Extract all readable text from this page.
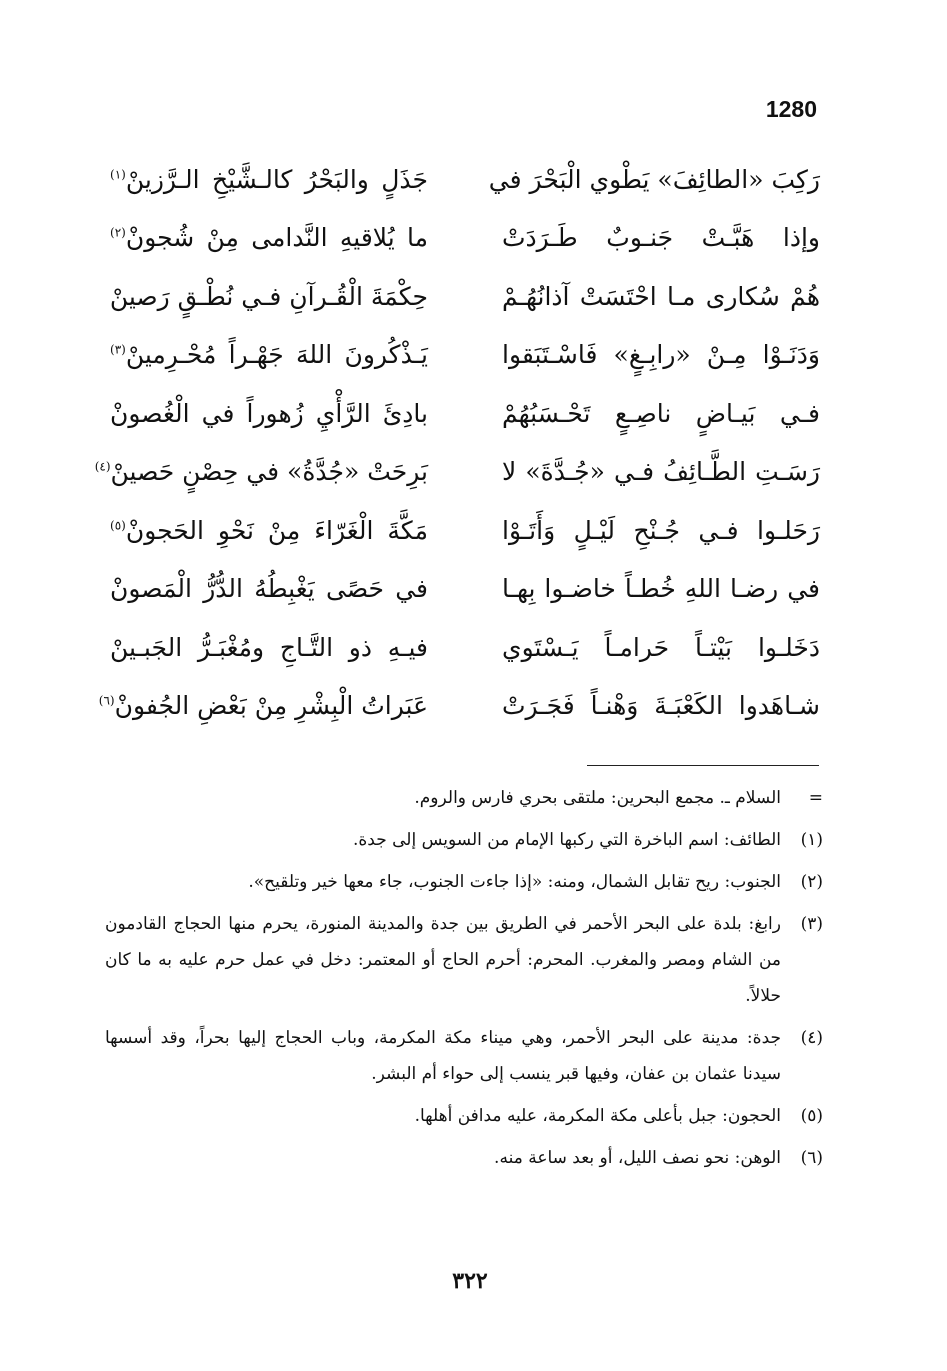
1280
رَكِبَ «الطائِفَ» يَطْوي الْبَحْرَ في
جَذَلٍ والبَحْرُ كالـشَّيْخِ الـرَّزينْ$^{(١)}$
وإذا هَبَّـتْ جَنـوبٌ طَـرَدَتْ
ما يُلاقيهِ النَّدامى مِنْ شُجونْ$^{(٢)}$
هُمْ سُكارى مـا احْتَسَتْ آذانُهُـمْ
حِكْمَةَ الْقُـرآنِ فـي نُطْـقٍ رَصينْ
وَدَنَـوْا مِـنْ «رابِـغٍ» فَاسْـتَبَقوا
يَـذْكُرونَ اللهَ جَهْـراً مُحْـرِمينْ$^{(٣)}$
فـي بَيـاضٍ ناصِـعٍ تَحْـسَبُهُمْ
بادِئَ الرَّأْيِ زُهوراً في الْغُصونْ
رَسَـتِ الطَّـائِفُ فـي «جُـدَّةَ» لا
بَرِحَتْ «جُدَّةُ» في حِصْنٍ حَصينْ$^{(٤)}$
رَحَلـوا فـي جُـنْحِ لَيْـلٍ وَأَتَـوْا
مَكَّةَ الْغَرّاءَ مِنْ نَحْوِ الحَجونْ$^{(٥)}$
في رضـا اللهِ خُطـاً خاضـوا بِهـا
في حَصًى يَغْبِطُهُ الدُّرُّ الْمَصونْ
دَخَلـوا بَيْتـاً حَرامـاً يَـسْتَوي
فيـهِ ذو التَّـاجِ ومُغْبَـرُّ الجَبـينْ
شـاهَدوا الكَعْبَـةَ وَهْنـاً فَجَـرَتْ
عَبَراتُ الْبِشْرِ مِنْ بَعْضِ الجُفونْ$^{(٦)}$
=
السلام ـ. مجمع البحرين: ملتقى بحري فارس والروم.
(١)
الطائف: اسم الباخرة التي ركبها الإمام من السويس إلى جدة.
(٢)
الجنوب: ريح تقابل الشمال، ومنه: «إذا جاءت الجنوب، جاء معها خير وتلقيح».
(٣)
رابغ: بلدة على البحر الأحمر في الطريق بين جدة والمدينة المنورة، يحرم منها الحجاج القادمون من الشام ومصر والمغرب. المحرم: أحرم الحاج أو المعتمر: دخل في عمل حرم عليه به ما كان حلالاً.
(٤)
جدة: مدينة على البحر الأحمر، وهي ميناء مكة المكرمة، وباب الحجاج إليها بحراً، وقد أسسها سيدنا عثمان بن عفان، وفيها قبر ينسب إلى حواء أم البشر.
(٥)
الحجون: جبل بأعلى مكة المكرمة، عليه مدافن أهلها.
(٦)
الوهن: نحو نصف الليل، أو بعد ساعة منه.
٣٢٢
